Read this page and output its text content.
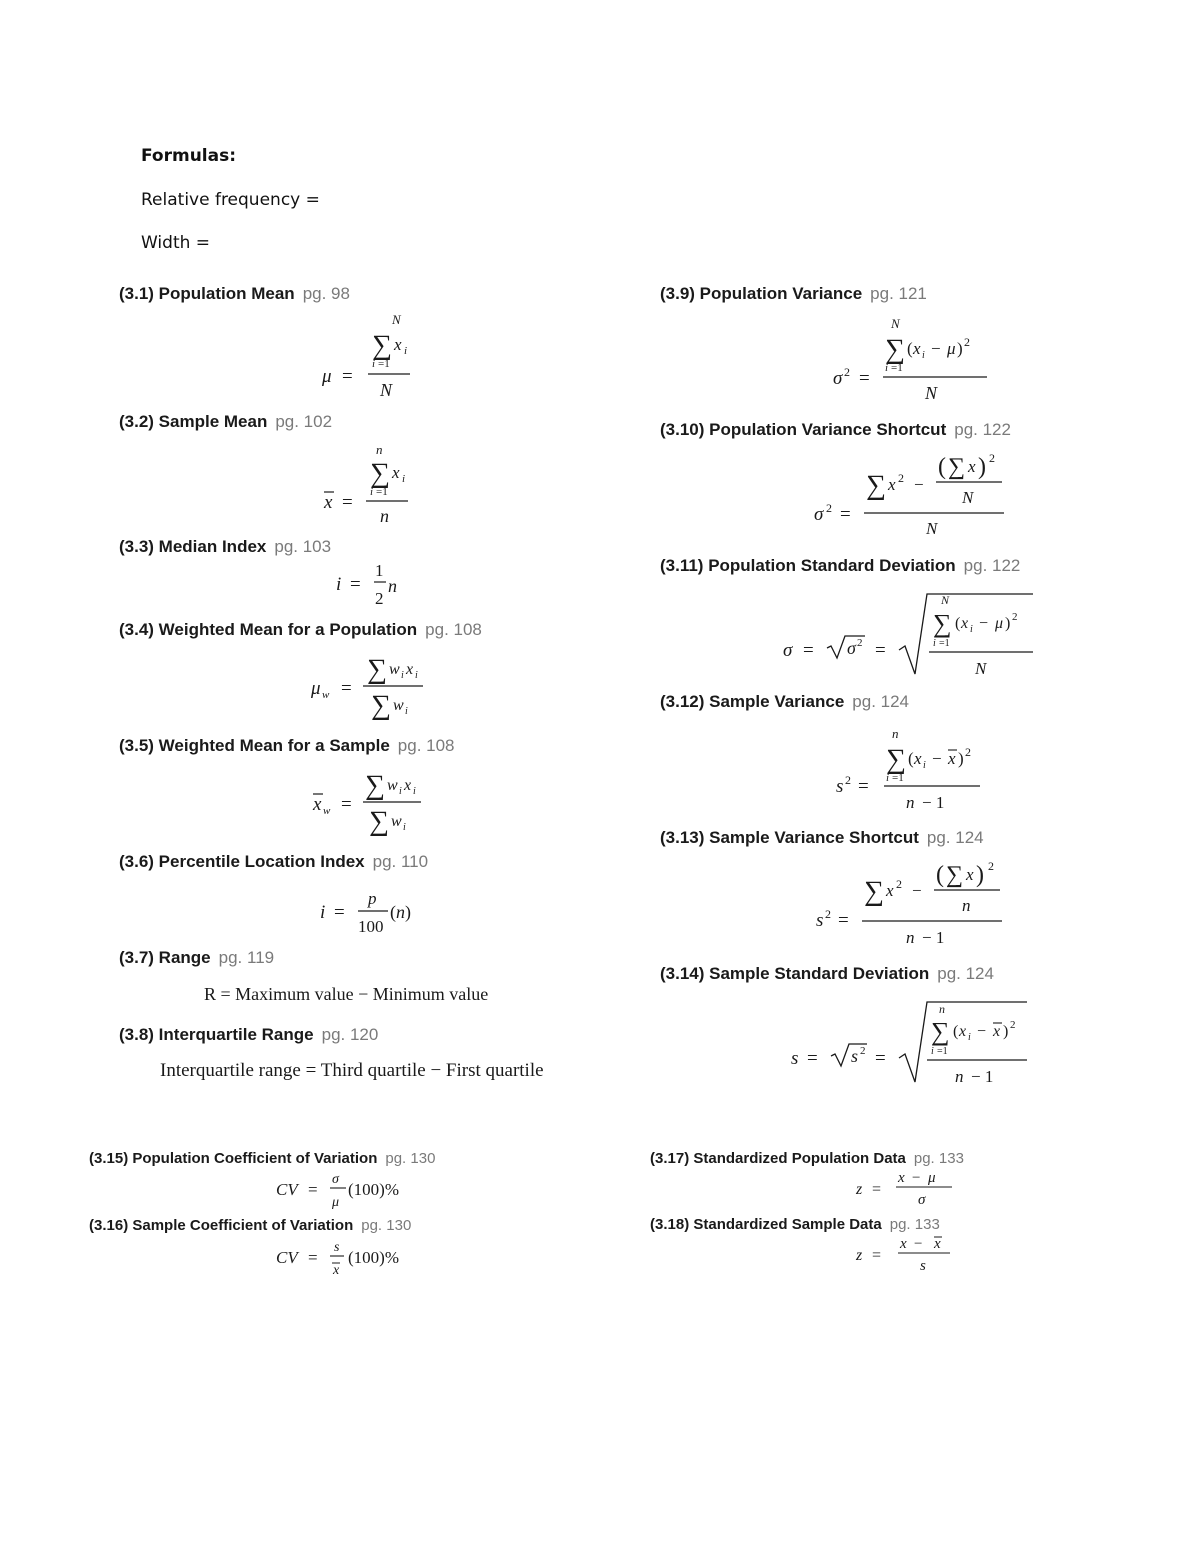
Formulas:
Relative frequency =
Width =
(3.1) Population Mean pg. 98
N
∑ x i
i =1
μ =
N
(3.2) Sample Mean pg. 102
n
∑ x i
i =1
x =
n
(3.3) Median Index pg. 103
i =
1
2
n
(3.4) Weighted Mean for a Population pg. 108
μ w =
∑ w i x i
∑ w i
(3.5) Weighted Mean for a Sample pg. 108
x w =
∑ w i x i
∑ w i
(3.6) Percentile Location Index pg. 110
i =
p
100
( n )
(3.7) Range pg. 119
R = Maximum value − Minimum value
(3.8) Interquartile Range pg. 120
Interquartile range = Third quartile − First quartile
(3.9) Population Variance pg. 121
N
∑ ( x i − μ ) 2
i =1
σ 2 =
N
(3.10) Population Variance Shortcut pg. 122
∑ x 2 −
( ∑ x ) 2
N
σ 2 =
N
(3.11) Population Standard Deviation pg. 122
σ = σ 2 =
N
∑ ( x i − μ ) 2
i =1
N
(3.12) Sample Variance pg. 124
n
∑ ( x i − x ) 2
i =1
s 2 =
n − 1
(3.13) Sample Variance Shortcut pg. 124
∑ x 2 −
( ∑ x ) 2
n
s 2 =
n − 1
(3.14) Sample Standard Deviation pg. 124
s = s 2 =
n
∑ ( x i − x ) 2
i =1
n − 1
(3.15) Population Coefficient of Variation pg. 130
CV =
σ
μ
(100)%
(3.16) Sample Coefficient of Variation pg. 130
CV =
s
x
(100)%
(3.17) Standardized Population Data pg. 133
z =
x − μ
σ
(3.18) Standardized Sample Data pg. 133
z =
x − x
s
